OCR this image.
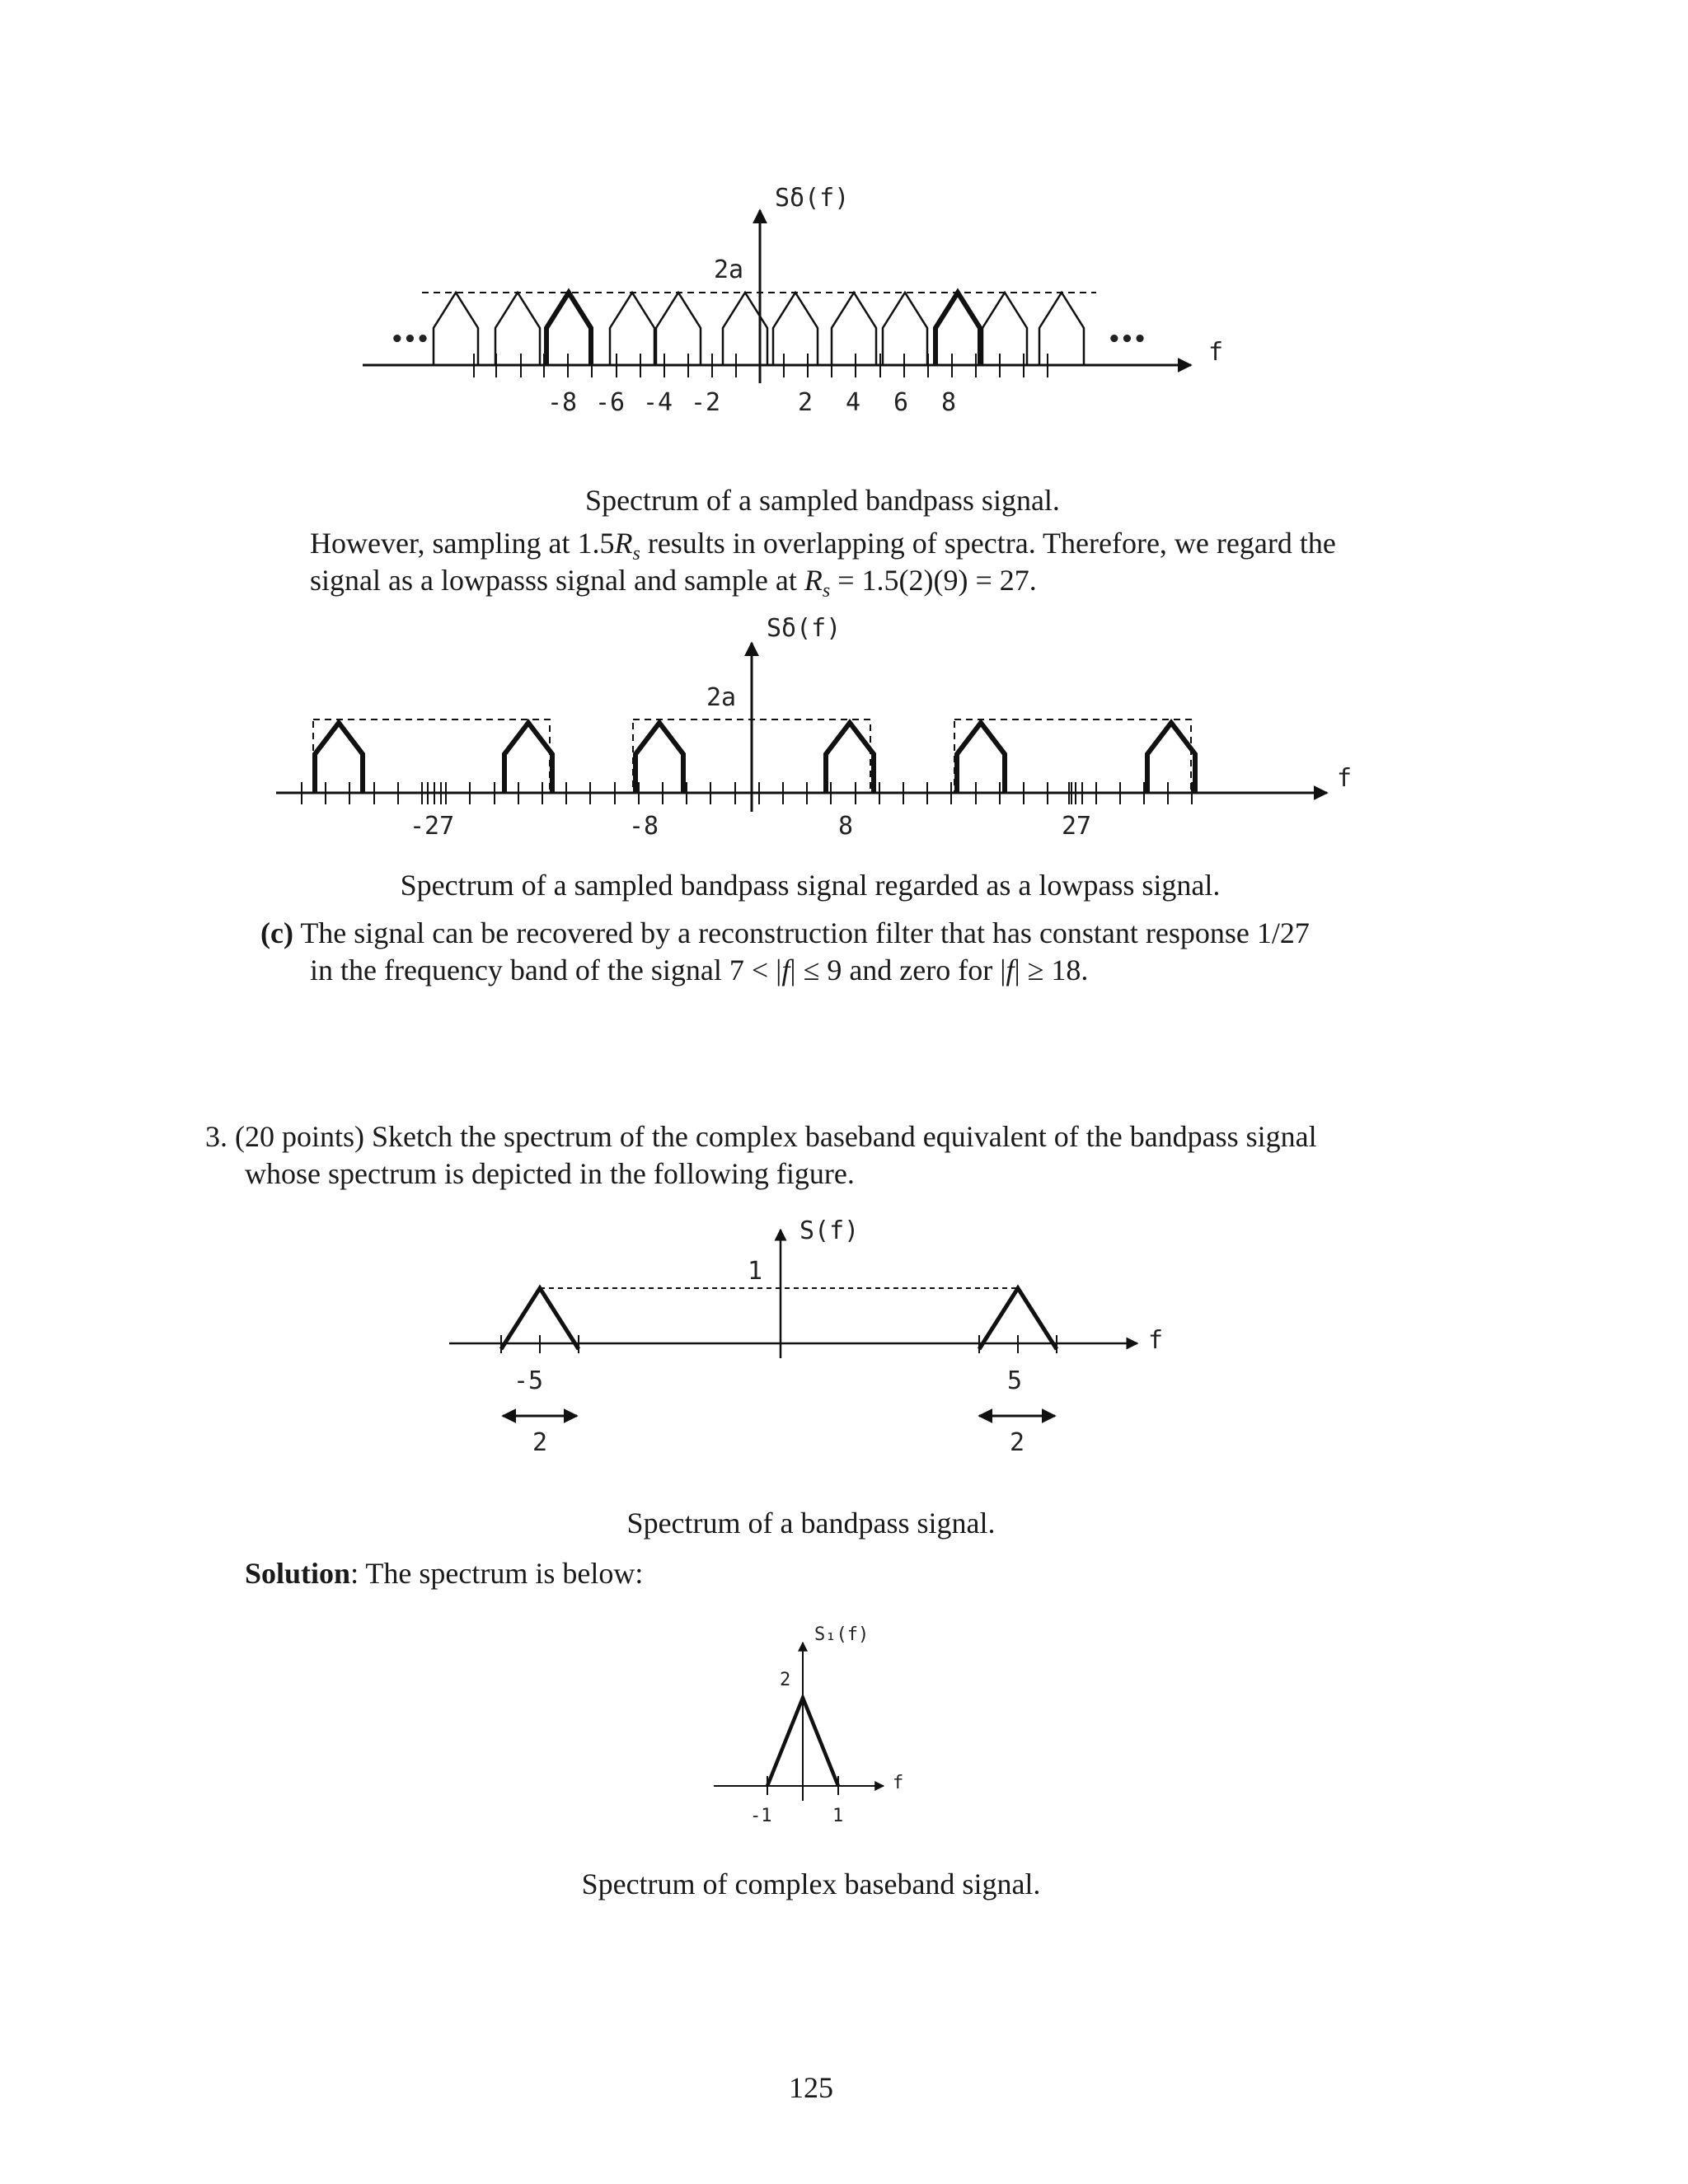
Sδ(f)
2a
f
•••	•••
-8 -6 -4 -2	2 4 6 8
Sδ(f)
2a
f
-27	-8	8	27
S(f)
1
f
-5	5
2	2
S₁(f)
2
f
-1	1
Spectrum of a sampled bandpass signal.
However, sampling at $1.5R_s$ results in overlapping of spectra. Therefore, we regard the
signal as a lowpasss signal and sample at $R_s = 1.5(2)(9) = 27$.
Spectrum of a sampled bandpass signal regarded as a lowpass signal.
(c) The signal can be recovered by a reconstruction filter that has constant response 1/27
in the frequency band of the signal 7 < |f| ≤ 9 and zero for |f| ≥ 18.
3. (20 points) Sketch the spectrum of the complex baseband equivalent of the bandpass signal
whose spectrum is depicted in the following figure.
Spectrum of a bandpass signal.
Solution: The spectrum is below:
Spectrum of complex baseband signal.
125
